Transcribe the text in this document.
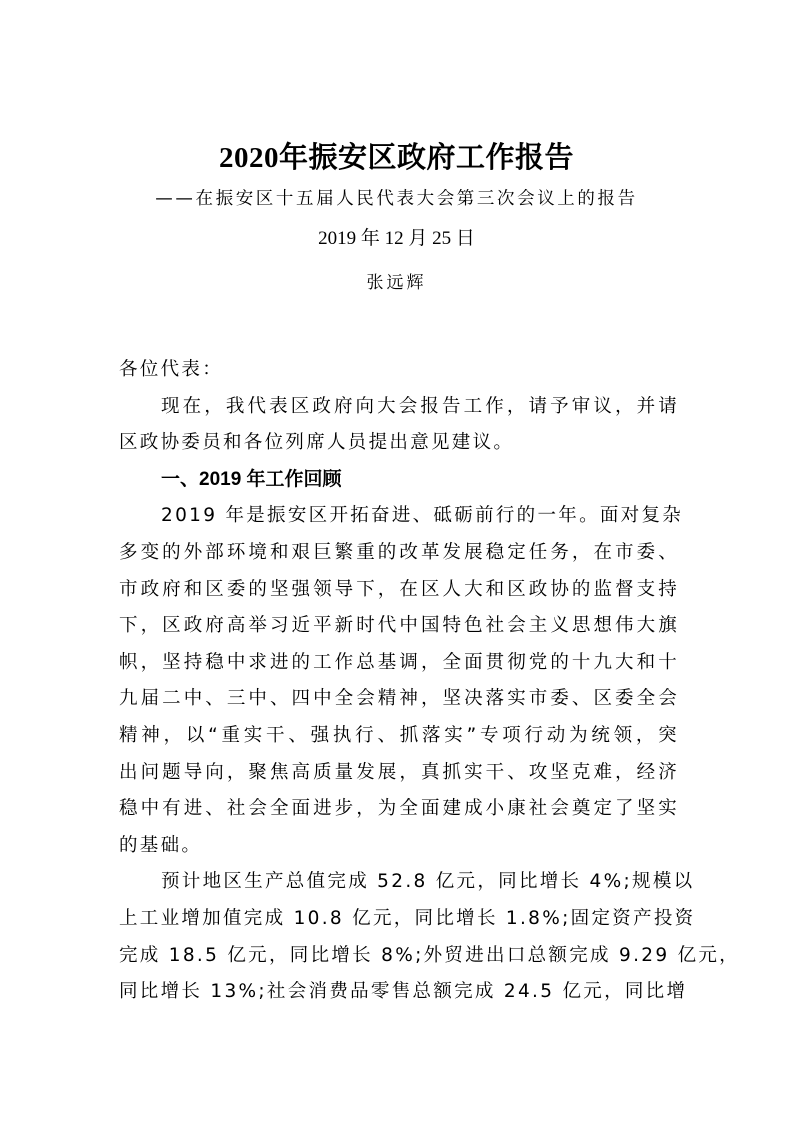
2020年振安区政府工作报告
——在振安区十五届人民代表大会第三次会议上的报告
2019 年 12 月 25 日
张远辉
各位代表：
现在，我代表区政府向大会报告工作，请予审议，并请
区政协委员和各位列席人员提出意见建议。
一、2019 年工作回顾
2019 年是振安区开拓奋进、砥砺前行的一年。面对复杂
多变的外部环境和艰巨繁重的改革发展稳定任务，在市委、
市政府和区委的坚强领导下，在区人大和区政协的监督支持
下，区政府高举习近平新时代中国特色社会主义思想伟大旗
帜，坚持稳中求进的工作总基调，全面贯彻党的十九大和十
九届二中、三中、四中全会精神，坚决落实市委、区委全会
精神，以“重实干、强执行、抓落实”专项行动为统领，突
出问题导向，聚焦高质量发展，真抓实干、攻坚克难，经济
稳中有进、社会全面进步，为全面建成小康社会奠定了坚实
的基础。
预计地区生产总值完成 52.8 亿元，同比增长 4%;规模以
上工业增加值完成 10.8 亿元，同比增长 1.8%;固定资产投资
完成 18.5 亿元，同比增长 8%;外贸进出口总额完成 9.29 亿元，
同比增长 13%;社会消费品零售总额完成 24.5 亿元，同比增
